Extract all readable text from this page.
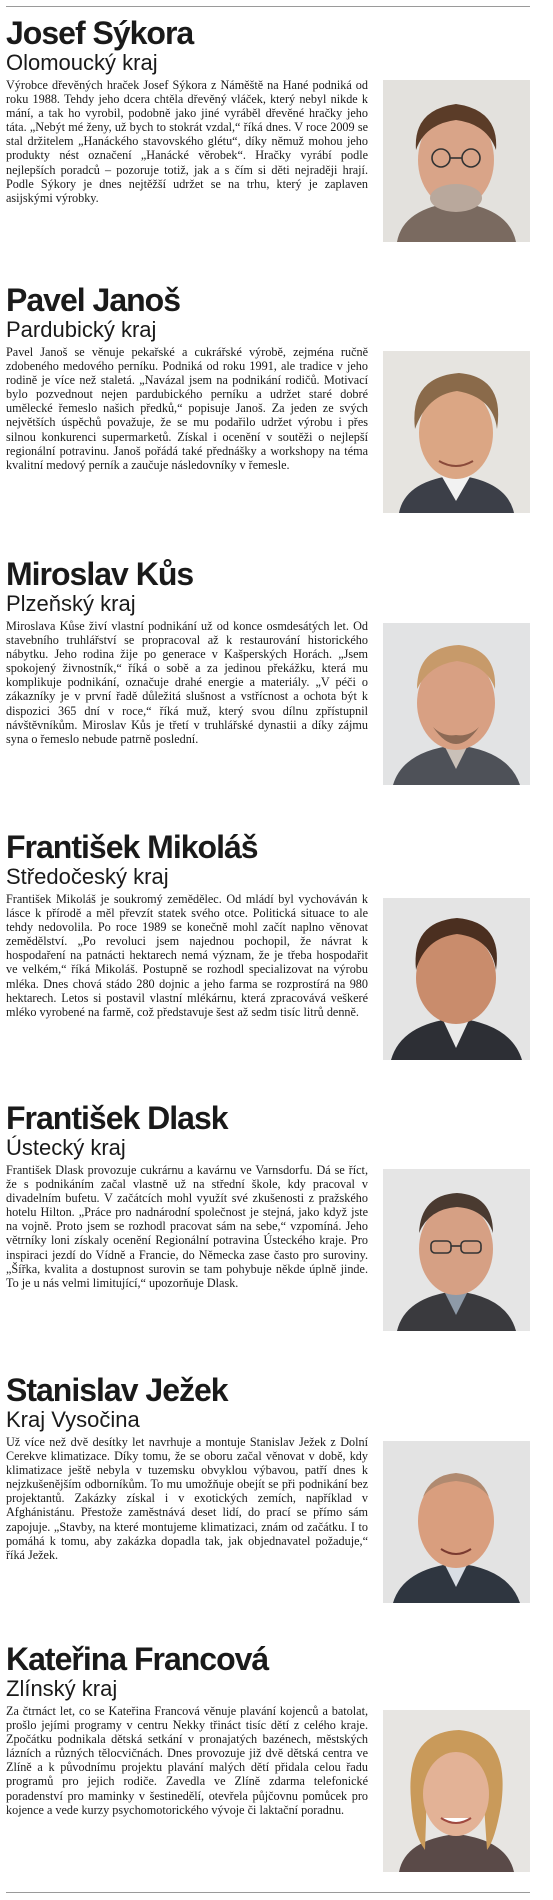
Josef Sýkora
Olomoucký kraj

Výrobce dřevěných hraček Josef Sýkora z Náměště na Hané podniká od roku 1988. Tehdy jeho dcera chtěla dřevěný vláček, který nebyl nikde k mání, a tak ho vyrobil, podobně jako jiné vyráběl dřevěné hračky jeho táta. „Nebýt mé ženy, už bych to stokrát vzdal,“ říká dnes. V roce 2009 se stal držitelem „Hanáckého stavovského glétu“, díky němuž mohou jeho produkty nést označení „Hanácké věrobek“. Hračky vyrábí podle nejlepších poradců – pozoruje totiž, jak a s čím si děti nejraději hrají. Podle Sýkory je dnes nejtěžší udržet se na trhu, který je zaplaven asijskými výrobky.

Pavel Janoš
Pardubický kraj

Pavel Janoš se věnuje pekařské a cukrářské výrobě, zejména ručně zdobeného medového perníku. Podniká od roku 1991, ale tradice v jeho rodině je více než staletá. „Navázal jsem na podnikání rodičů. Motivací bylo pozvednout nejen pardubického perníku a udržet staré dobré umělecké řemeslo našich předků,“ popisuje Janoš. Za jeden ze svých největších úspěchů považuje, že se mu podařilo udržet výrobu i přes silnou konkurenci supermarketů. Získal i ocenění v soutěži o nejlepší regionální potravinu. Janoš pořádá také přednášky a workshopy na téma kvalitní medový perník a zaučuje následovníky v řemesle.

Miroslav Kůs
Plzeňský kraj

Miroslava Kůse živí vlastní podnikání už od konce osmdesátých let. Od stavebního truhlářství se propracoval až k restaurování historického nábytku. Jeho rodina žije po generace v Kašperských Horách. „Jsem spokojený živnostník,“ říká o sobě a za jedinou překážku, která mu komplikuje podnikání, označuje drahé energie a materiály. „V péči o zákazníky je v první řadě důležitá slušnost a vstřícnost a ochota být k dispozici 365 dní v roce,“ říká muž, který svou dílnu zpřístupnil návštěvníkům. Miroslav Kůs je třetí v truhlářské dynastii a díky zájmu syna o řemeslo nebude patrně poslední.

František Mikoláš
Středočeský kraj

František Mikoláš je soukromý zemědělec. Od mládí byl vychováván k lásce k přírodě a měl převzít statek svého otce. Politická situace to ale tehdy nedovolila. Po roce 1989 se konečně mohl začít naplno věnovat zemědělství. „Po revoluci jsem najednou pochopil, že návrat k hospodaření na patnácti hektarech nemá význam, že je třeba hospodařit ve velkém,“ říká Mikoláš. Postupně se rozhodl specializovat na výrobu mléka. Dnes chová stádo 280 dojnic a jeho farma se rozprostírá na 980 hektarech. Letos si postavil vlastní mlékárnu, která zpracovává veškeré mléko vyrobené na farmě, což představuje šest až sedm tisíc litrů denně.

František Dlask
Ústecký kraj

František Dlask provozuje cukrárnu a kavárnu ve Varnsdorfu. Dá se říct, že s podnikáním začal vlastně už na střední škole, kdy pracoval v divadelním bufetu. V začátcích mohl využít své zkušenosti z pražského hotelu Hilton. „Práce pro nadnárodní společnost je stejná, jako když jste na vojně. Proto jsem se rozhodl pracovat sám na sebe,“ vzpomíná. Jeho větrníky loni získaly ocenění Regionální potravina Ústeckého kraje. Pro inspiraci jezdí do Vídně a Francie, do Německa zase často pro suroviny. „Šířka, kvalita a dostupnost surovin se tam pohybuje někde úplně jinde. To je u nás velmi limitující,“ upozorňuje Dlask.

Stanislav Ježek
Kraj Vysočina

Už více než dvě desítky let navrhuje a montuje Stanislav Ježek z Dolní Cerekve klimatizace. Díky tomu, že se oboru začal věnovat v době, kdy klimatizace ještě nebyla v tuzemsku obvyklou výbavou, patří dnes k nejzkušenějším odborníkům. To mu umožňuje obejít se při podnikání bez projektantů. Zakázky získal i v exotických zemích, například v Afghánistánu. Přestože zaměstnává deset lidí, do prací se přímo sám zapojuje. „Stavby, na které montujeme klimatizaci, znám od začátku. I to pomáhá k tomu, aby zakázka dopadla tak, jak objednavatel požaduje,“ říká Ježek.

Kateřina Francová
Zlínský kraj

Za čtrnáct let, co se Kateřina Francová věnuje plavání kojenců a batolat, prošlo jejími programy v centru Nekky třináct tisíc dětí z celého kraje. Zpočátku podnikala dětská setkání v pronajatých bazénech, městských lázních a různých tělocvičnách. Dnes provozuje již dvě dětská centra ve Zlíně a k původnímu projektu plavání malých dětí přidala celou řadu programů pro jejich rodiče. Zavedla ve Zlíně zdarma telefonické poradenství pro maminky v šestinedělí, otevřela půjčovnu pomůcek pro kojence a vede kurzy psychomotorického vývoje či laktační poradnu.
